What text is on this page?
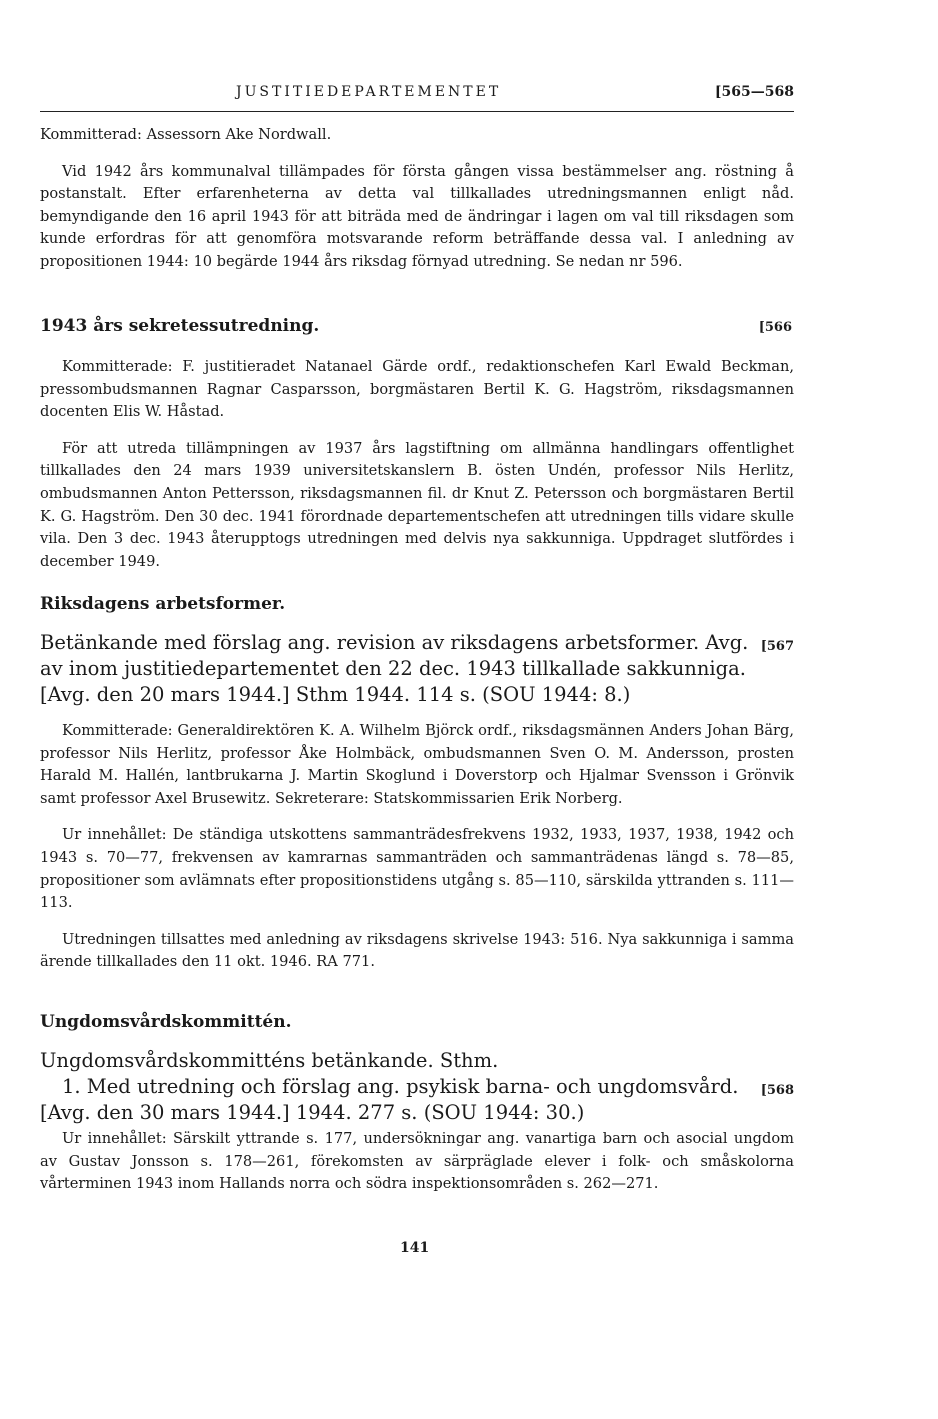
JUSTITIEDEPARTEMENTET	[565—568

Kommitterad: Assessorn Ake Nordwall.

Vid 1942 års kommunalval tillämpades för första gången vissa bestämmelser ang. röstning å postanstalt. Efter erfarenheterna av detta val tillkallades utredningsmannen enligt nåd. bemyndigande den 16 april 1943 för att biträda med de ändringar i lagen om val till riksdagen som kunde erfordras för att genomföra motsvarande reform beträffande dessa val. I anledning av propositionen 1944: 10 begärde 1944 års riksdag förnyad utredning. Se nedan nr 596.

1943 års sekretessutredning.	[566

Kommitterade: F. justitieradet Natanael Gärde ordf., redaktionschefen Karl Ewald Beckman, pressombudsmannen Ragnar Casparsson, borgmästaren Bertil K. G. Hagström, riksdagsmannen docenten Elis W. Håstad.

För att utreda tillämpningen av 1937 års lagstiftning om allmänna handlingars offentlighet tillkallades den 24 mars 1939 universitetskanslern B. östen Undén, professor Nils Herlitz, ombudsmannen Anton Pettersson, riksdagsmannen fil. dr Knut Z. Petersson och borgmästaren Bertil K. G. Hagström. Den 30 dec. 1941 förordnade departementschefen att utredningen tills vidare skulle vila. Den 3 dec. 1943 återupptogs utredningen med delvis nya sakkunniga. Uppdraget slutfördes i december 1949.

Riksdagens arbetsformer.

[567
Betänkande med förslag ang. revision av riksdagens arbetsformer. Avg. av inom justitiedepartementet den 22 dec. 1943 tillkallade sakkunniga. [Avg. den 20 mars 1944.] Sthm 1944. 114 s. (SOU 1944: 8.)

Kommitterade: Generaldirektören K. A. Wilhelm Björck ordf., riksdagsmännen Anders Johan Bärg, professor Nils Herlitz, professor Åke Holmbäck, ombudsmannen Sven O. M. Andersson, prosten Harald M. Hallén, lantbrukarna J. Martin Skoglund i Doverstorp och Hjalmar Svensson i Grönvik samt professor Axel Brusewitz. Sekreterare: Statskommissarien Erik Norberg.

Ur innehållet: De ständiga utskottens sammanträdesfrekvens 1932, 1933, 1937, 1938, 1942 och 1943 s. 70—77, frekvensen av kamrarnas sammanträden och sammanträdenas längd s. 78—85, propositioner som avlämnats efter propositionstidens utgång s. 85—110, särskilda yttranden s. 111—113.

Utredningen tillsattes med anledning av riksdagens skrivelse 1943: 516. Nya sakkunniga i samma ärende tillkallades den 11 okt. 1946. RA 771.

Ungdomsvårdskommittén.

Ungdomsvårdskommitténs betänkande. Sthm.

[568
1. Med utredning och förslag ang. psykisk barna- och ungdomsvård. [Avg. den 30 mars 1944.] 1944. 277 s. (SOU 1944: 30.)

Ur innehållet: Särskilt yttrande s. 177, undersökningar ang. vanartiga barn och asocial ungdom av Gustav Jonsson s. 178—261, förekomsten av särpräglade elever i folk- och småskolorna vårterminen 1943 inom Hallands norra och södra inspektionsområden s. 262—271.

141
